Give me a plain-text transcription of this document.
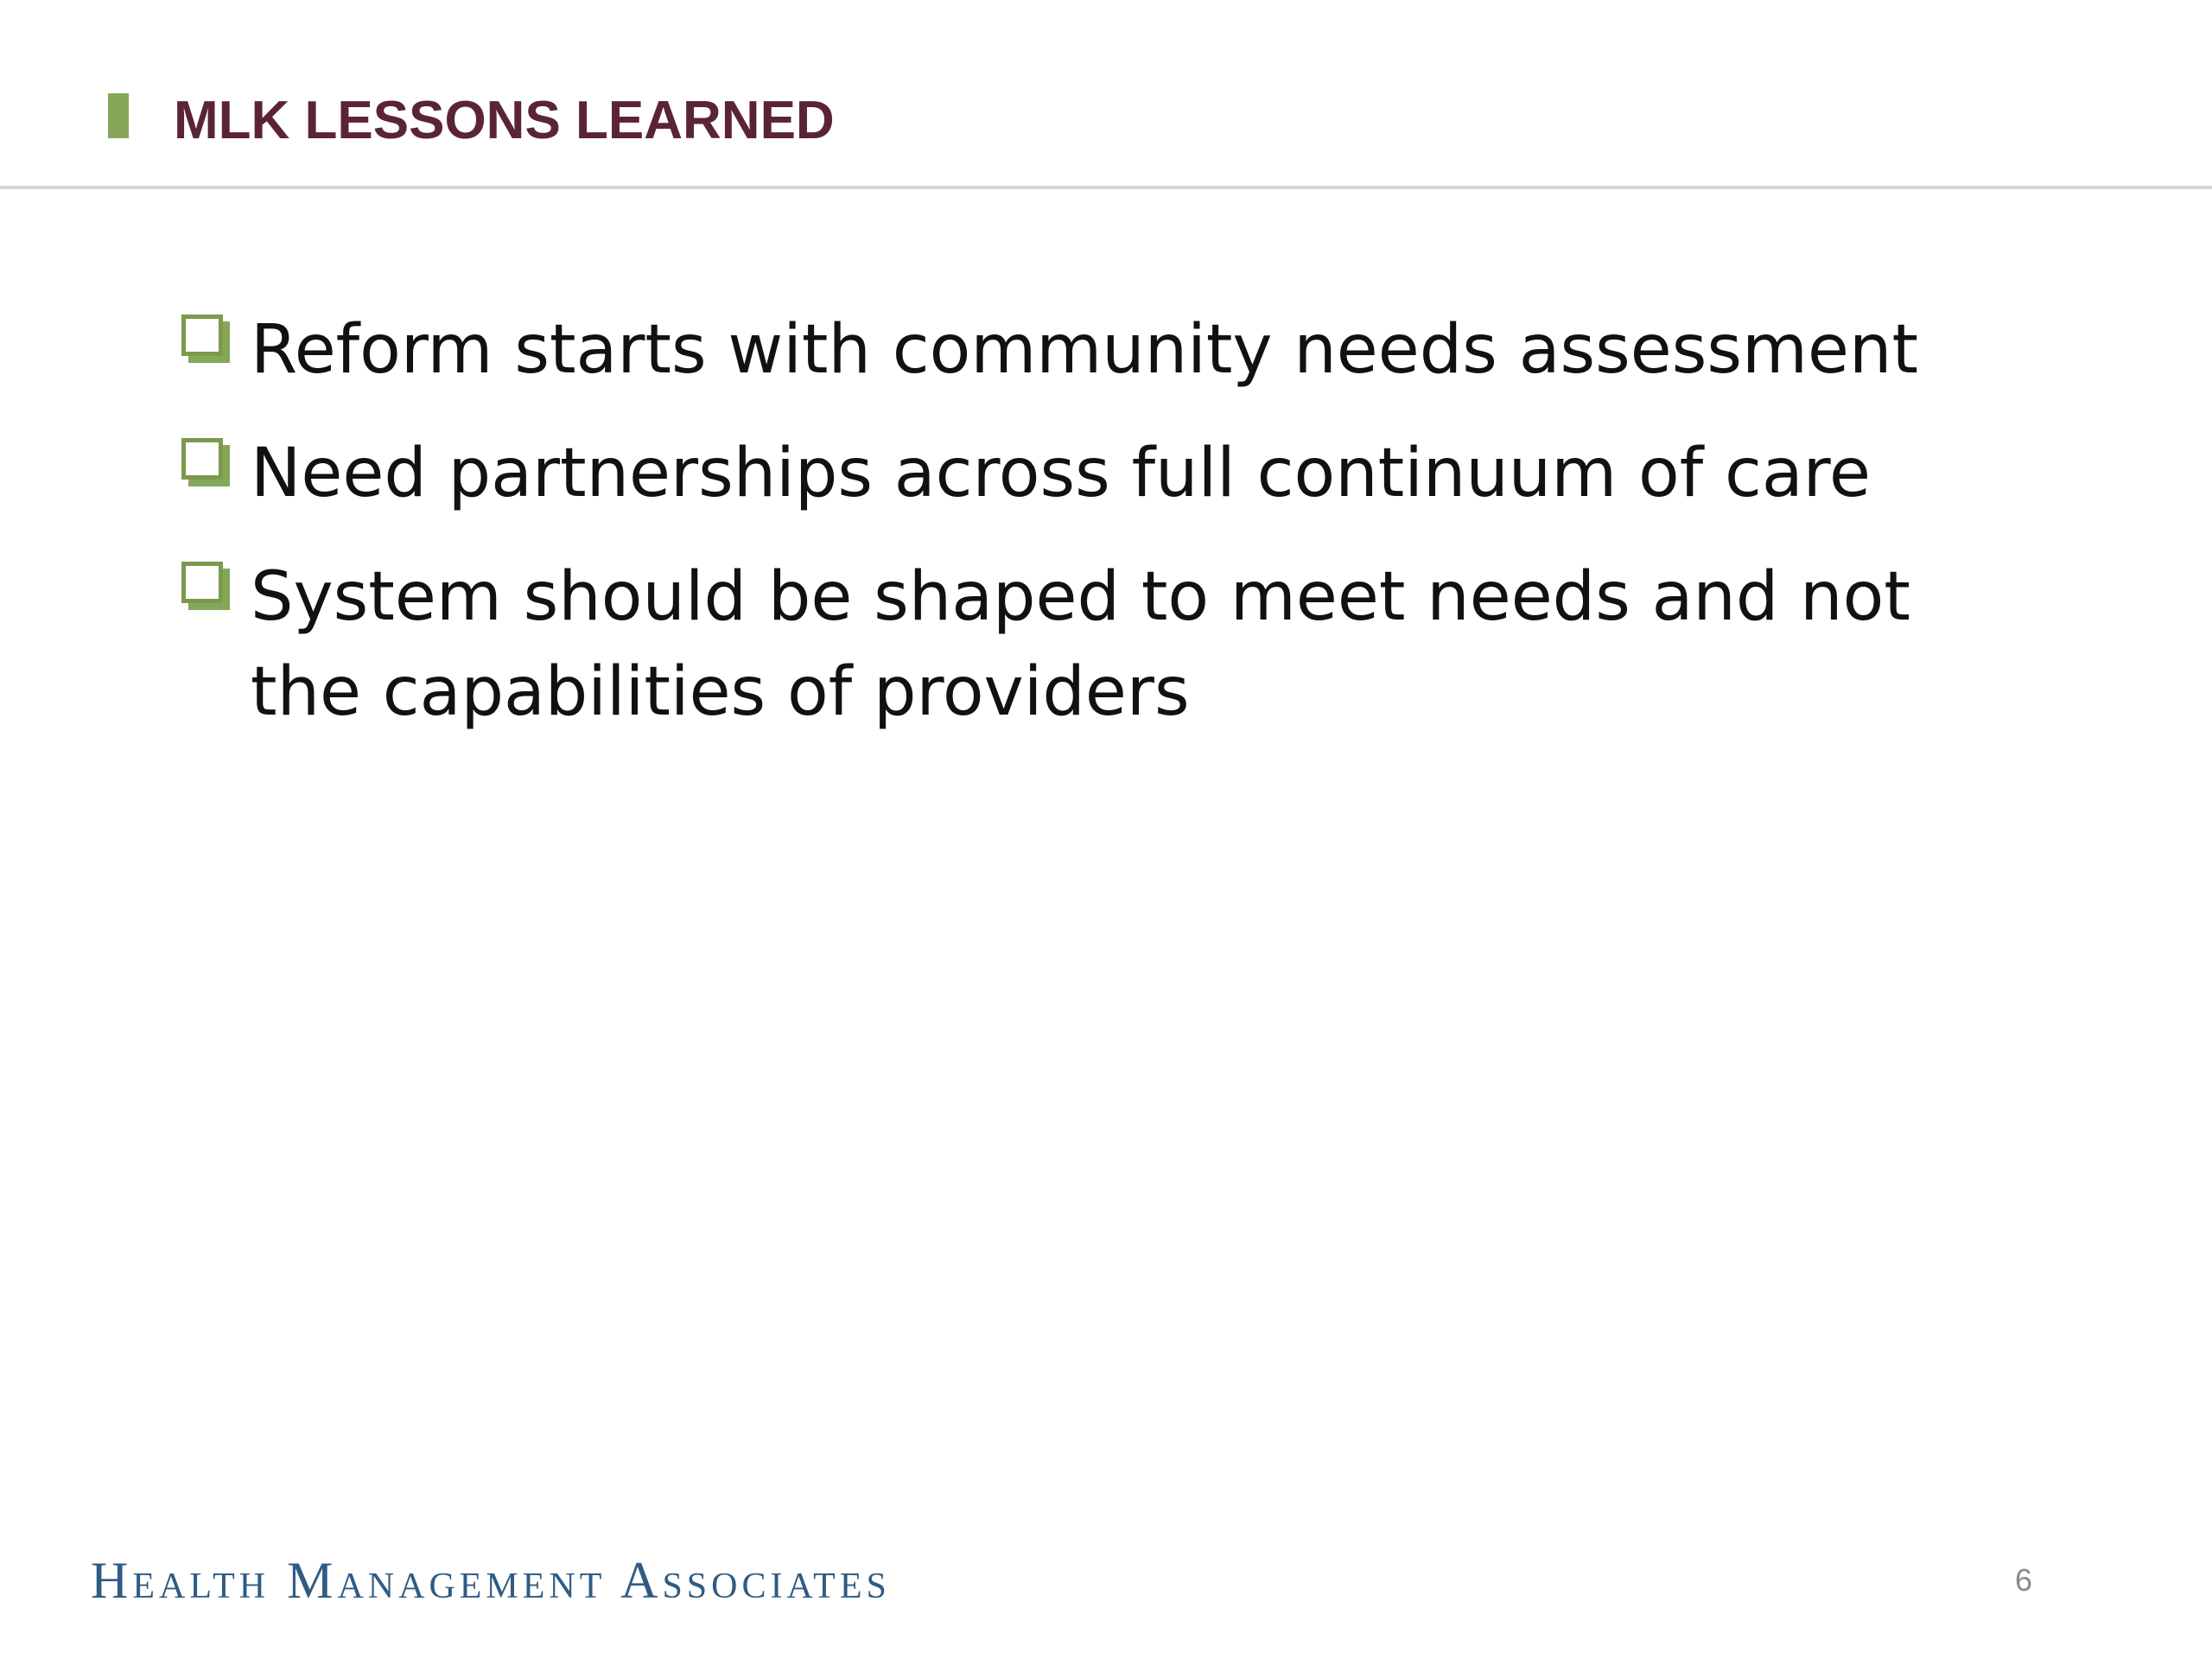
MLK LESSONS LEARNED
Reform starts with community needs assessment
Need partnerships across full continuum of care
System should be shaped to meet needs and not the capabilities of providers
Health Management Associates	6
